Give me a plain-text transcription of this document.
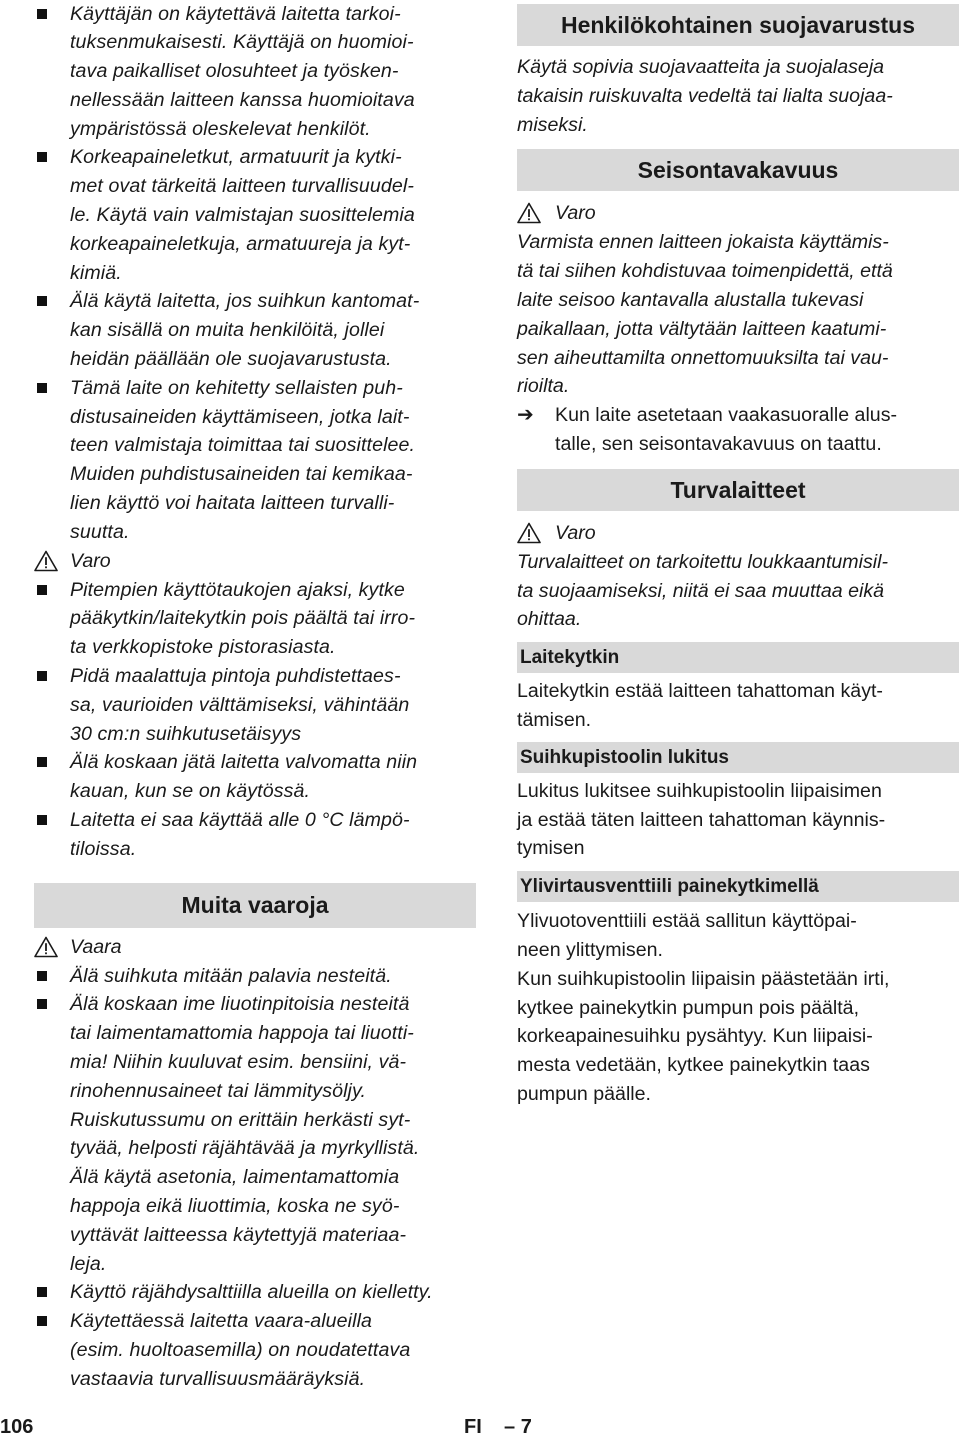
Käyttäjän on käytettävä laitetta tarkoi-
tuksenmukaisesti. Käyttäjä on huomioi-
tava paikalliset olosuhteet ja työsken-
nellessään laitteen kanssa huomioitava
ympäristössä oleskelevat henkilöt.
Korkeapaineletkut, armatuurit ja kytki-
met ovat tärkeitä laitteen turvallisuudel-
le. Käytä vain valmistajan suosittelemia
korkeapaineletkuja, armatuureja ja kyt-
kimiä.
Älä käytä laitetta, jos suihkun kantomat-
kan sisällä on muita henkilöitä, jollei
heidän päällään ole suojavarustusta.
Tämä laite on kehitetty sellaisten puh-
distusaineiden käyttämiseen, jotka lait-
teen valmistaja toimittaa tai suosittelee.
Muiden puhdistusaineiden tai kemikaa-
lien käyttö voi haitata laitteen turvalli-
suutta.
Varo
Pitempien käyttötaukojen ajaksi, kytke
pääkytkin/laitekytkin pois päältä tai irro-
ta verkkopistoke pistorasiasta.
Pidä maalattuja pintoja puhdistettaes-
sa, vaurioiden välttämiseksi, vähintään
30 cm:n suihkutusetäisyys
Älä koskaan jätä laitetta valvomatta niin
kauan, kun se on käytössä.
Laitetta ei saa käyttää alle 0 °C lämpö-
tiloissa.
Muita vaaroja
Vaara
Älä suihkuta mitään palavia nesteitä.
Älä koskaan ime liuotinpitoisia nesteitä
tai laimentamattomia happoja tai liuotti-
mia! Niihin kuuluvat esim. bensiini, vä-
rinohennusaineet tai lämmitysöljy.
Ruiskutussumu on erittäin herkästi syt-
tyvää, helposti räjähtävää ja myrkyllistä.
Älä käytä asetonia, laimentamattomia
happoja eikä liuottimia, koska ne syö-
vyttävät laitteessa käytettyjä materiaa-
leja.
Käyttö räjähdysalttiilla alueilla on kielletty.
Käytettäessä laitetta vaara-alueilla
(esim. huoltoasemilla) on noudatettava
vastaavia turvallisuusmääräyksiä.
Henkilökohtainen suojavarustus
Käytä sopivia suojavaatteita ja suojalaseja
takaisin ruiskuvalta vedeltä tai lialta suojaa-
miseksi.
Seisontavakavuus
Varo
Varmista ennen laitteen jokaista käyttämis-
tä tai siihen kohdistuvaa toimenpidettä, että
laite seisoo kantavalla alustalla tukevasi
paikallaan, jotta vältytään laitteen kaatumi-
sen aiheuttamilta onnettomuuksilta tai vau-
rioilta.
➔ Kun laite asetetaan vaakasuoralle alus-
talle, sen seisontavakavuus on taattu.
Turvalaitteet
Varo
Turvalaitteet on tarkoitettu loukkaantumisil-
ta suojaamiseksi, niitä ei saa muuttaa eikä
ohittaa.
Laitekytkin
Laitekytkin estää laitteen tahattoman käyt-
tämisen.
Suihkupistoolin lukitus
Lukitus lukitsee suihkupistoolin liipaisimen
ja estää täten laitteen tahattoman käynnis-
tymisen
Ylivirtausventtiili painekytkimellä
Ylivuotoventtiili estää sallitun käyttöpai-
neen ylittymisen.
Kun suihkupistoolin liipaisin päästetään irti,
kytkee painekytkin pumpun pois päältä,
korkeapainesuihku pysähtyy. Kun liipaisi-
mesta vedetään, kytkee painekytkin taas
pumpun päälle.
106	FI – 7
